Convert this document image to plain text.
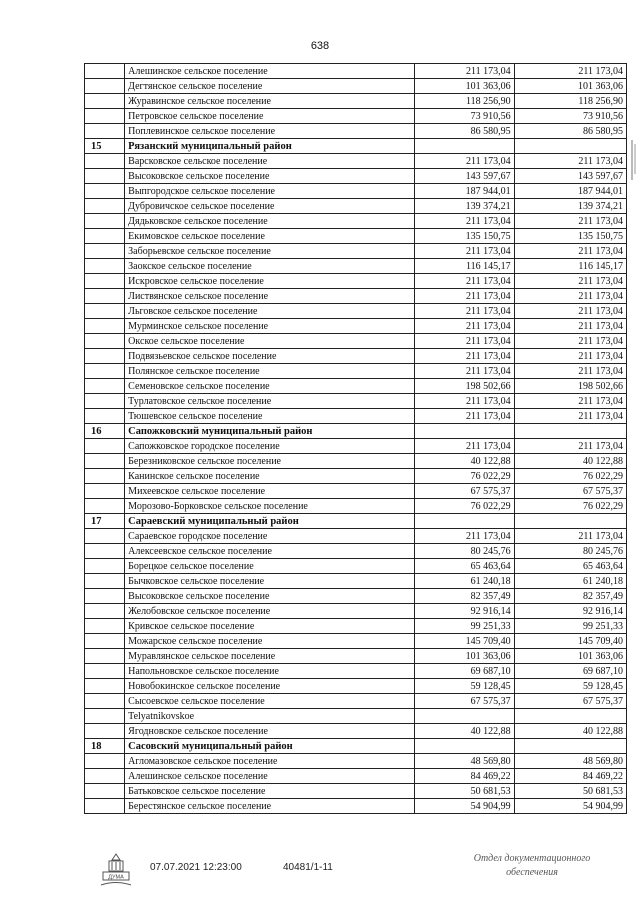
638
	Алешинское сельское поселение	211 173,04	211 173,04
	Дегтянское сельское поселение	101 363,06	101 363,06
	Журавинское сельское поселение	118 256,90	118 256,90
	Петровское сельское поселение	73 910,56	73 910,56
	Поплевинское сельское поселение	86 580,95	86 580,95
15	Рязанский муниципальный район		
	Варсковское сельское поселение	211 173,04	211 173,04
	Высоковское сельское поселение	143 597,67	143 597,67
	Выпгородское сельское поселение	187 944,01	187 944,01
	Дубровичское сельское поселение	139 374,21	139 374,21
	Дядьковское сельское поселение	211 173,04	211 173,04
	Екимовское сельское поселение	135 150,75	135 150,75
	Заборьевское сельское поселение	211 173,04	211 173,04
	Заокское сельское поселение	116 145,17	116 145,17
	Искровское сельское поселение	211 173,04	211 173,04
	Листвянское сельское поселение	211 173,04	211 173,04
	Льговское сельское поселение	211 173,04	211 173,04
	Мурминское сельское поселение	211 173,04	211 173,04
	Окское сельское поселение	211 173,04	211 173,04
	Подвязьевское сельское поселение	211 173,04	211 173,04
	Полянское сельское поселение	211 173,04	211 173,04
	Семеновское сельское поселение	198 502,66	198 502,66
	Турлатовское сельское поселение	211 173,04	211 173,04
	Тюшевское сельское поселение	211 173,04	211 173,04
16	Сапожковский муниципальный район		
	Сапожковское городское поселение	211 173,04	211 173,04
	Березниковское сельское поселение	40 122,88	40 122,88
	Канинское сельское поселение	76 022,29	76 022,29
	Михеевское сельское поселение	67 575,37	67 575,37
	Морозово-Борковское сельское поселение	76 022,29	76 022,29
17	Сараевский муниципальный район		
	Сараевское городское поселение	211 173,04	211 173,04
	Алексеевское сельское поселение	80 245,76	80 245,76
	Борецкое сельское поселение	65 463,64	65 463,64
	Бычковское сельское поселение	61 240,18	61 240,18
	Высоковское сельское поселение	82 357,49	82 357,49
	Желобовское сельское поселение	92 916,14	92 916,14
	Кривское сельское поселение	99 251,33	99 251,33
	Можарское сельское поселение	145 709,40	145 709,40
	Муравлянское сельское поселение	101 363,06	101 363,06
	Напольновское сельское поселение	69 687,10	69 687,10
	Новобокинское сельское поселение	59 128,45	59 128,45
	Сысоевское сельское поселение	67 575,37	67 575,37
	Telyatnikovskoe		
	Ягодновское сельское поселение	40 122,88	40 122,88
18	Сасовский муниципальный район		
	Агломазовское сельское поселение	48 569,80	48 569,80
	Алешинское сельское поселение	84 469,22	84 469,22
	Батьковское сельское поселение	50 681,53	50 681,53
	Берестянское сельское поселение	54 904,99	54 904,99
ДУМА
07.07.2021 12:23:00	40481/1-11
Отдел документационного
обеспечения
